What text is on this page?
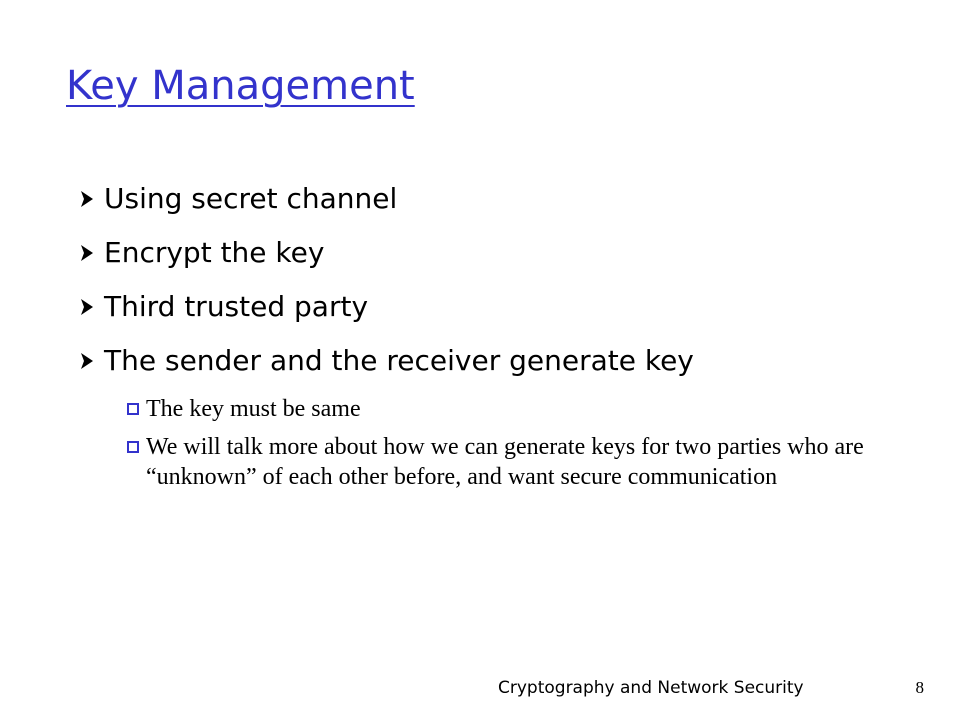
Key Management
Using secret channel
Encrypt the key
Third trusted party
The sender and the receiver generate key
The key must be same
We will talk more about how we can generate keys for two parties who are “unknown” of each other before, and want secure communication
Cryptography and Network Security	8
